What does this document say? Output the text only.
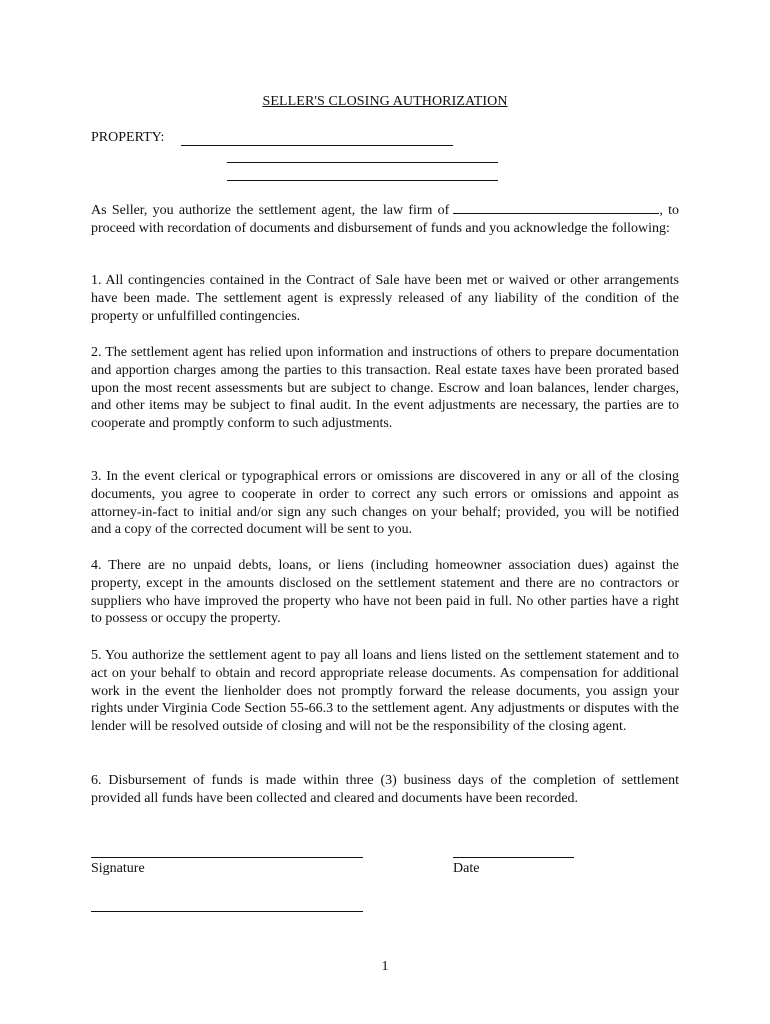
SELLER'S CLOSING AUTHORIZATION
PROPERTY:
As Seller, you authorize the settlement agent, the law firm of	, to proceed with recordation of documents and disbursement of funds and you acknowledge the following:
1. All contingencies contained in the Contract of Sale have been met or waived or other arrangements have been made. The settlement agent is expressly released of any liability of the condition of the property or unfulfilled contingencies.
2. The settlement agent has relied upon information and instructions of others to prepare documentation and apportion charges among the parties to this transaction. Real estate taxes have been prorated based upon the most recent assessments but are subject to change. Escrow and loan balances, lender charges, and other items may be subject to final audit. In the event adjustments are necessary, the parties are to cooperate and promptly conform to such adjustments.
3. In the event clerical or typographical errors or omissions are discovered in any or all of the closing documents, you agree to cooperate in order to correct any such errors or omissions and appoint as attorney-in-fact to initial and/or sign any such changes on your behalf; provided, you will be notified and a copy of the corrected document will be sent to you.
4. There are no unpaid debts, loans, or liens (including homeowner association dues) against the property, except in the amounts disclosed on the settlement statement and there are no contractors or suppliers who have improved the property who have not been paid in full. No other parties have a right to possess or occupy the property.
5. You authorize the settlement agent to pay all loans and liens listed on the settlement statement and to act on your behalf to obtain and record appropriate release documents. As compensation for additional work in the event the lienholder does not promptly forward the release documents, you assign your rights under Virginia Code Section 55-66.3 to the settlement agent. Any adjustments or disputes with the lender will be resolved outside of closing and will not be the responsibility of the closing agent.
6. Disbursement of funds is made within three (3) business days of the completion of settlement provided all funds have been collected and cleared and documents have been recorded.
Signature	Date
1
